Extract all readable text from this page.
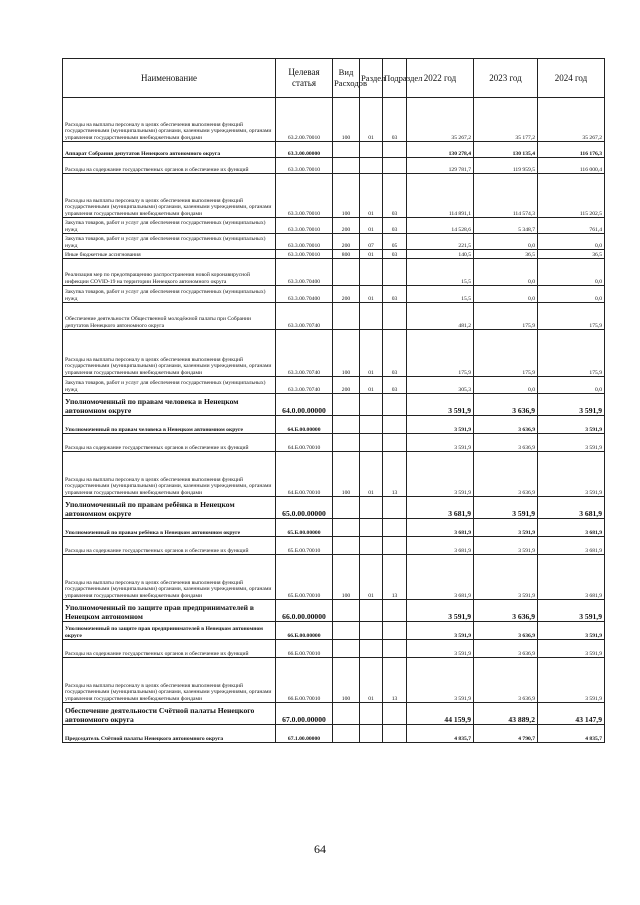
Наименование	Целевая статья	Вид Расходов	Раздел	Подраздел	2022 год	2023 год	2024 год
Расходы на выплаты персоналу в целях обеспечения выполнения функций государственными (муниципальными) органами, казенными учреждениями, органами управления государственными внебюджетными фондами	63.2.00.70010	100	01	03	35 267,2	35 177,2	35 267,2
Аппарат Собрания депутатов Ненецкого автономного округа	63.3.00.00000				130 278,4	130 135,4	116 176,3
Расходы на содержание государственных органов и обеспечение их функций	63.3.00.70010				129 781,7	119 959,5	116 000,4
Расходы на выплаты персоналу в целях обеспечения выполнения функций государственными (муниципальными) органами, казенными учреждениями, органами управления государственными внебюджетными фондами	63.3.00.70010	100	01	03	114 891,1	114 574,3	115 202,5
Закупка товаров, работ и услуг для обеспечения государственных (муниципальных) нужд	63.3.00.70010	200	01	03	14 528,6	5 348,7	761,4
Закупка товаров, работ и услуг для обеспечения государственных (муниципальных) нужд	63.3.00.70010	200	07	05	221,5	0,0	0,0
Иные бюджетные ассигнования	63.3.00.70010	800	01	03	140,5	36,5	36,5
Реализация мер по предотвращению распространения новой коронавирусной инфекции COVID-19 на территории Ненецкого автономного округа	63.3.00.70400				15,5	0,0	0,0
Закупка товаров, работ и услуг для обеспечения государственных (муниципальных) нужд	63.3.00.70400	200	01	03	15,5	0,0	0,0
Обеспечение деятельности Общественной молодёжной палаты при Собрании депутатов Ненецкого автономного округа	63.3.00.70740				481,2	175,9	175,9
Расходы на выплаты персоналу в целях обеспечения выполнения функций государственными (муниципальными) органами, казенными учреждениями, органами управления государственными внебюджетными фондами	63.3.00.70740	100	01	03	175,9	175,9	175,9
Закупка товаров, работ и услуг для обеспечения государственных (муниципальных) нужд	63.3.00.70740	200	01	03	305,3	0,0	0,0
Уполномоченный по правам человека в Ненецком автономном округе	64.0.00.00000				3 591,9	3 636,9	3 591,9
Уполномоченный по правам человека в Ненецком автономном округе	64.Б.00.00000				3 591,9	3 636,9	3 591,9
Расходы на содержание государственных органов и обеспечение их функций	64.Б.00.70010				3 591,9	3 636,9	3 591,9
Расходы на выплаты персоналу в целях обеспечения выполнения функций государственными (муниципальными) органами, казенными учреждениями, органами управления государственными внебюджетными фондами	64.Б.00.70010	100	01	13	3 591,9	3 636,9	3 591,9
Уполномоченный по правам ребёнка в Ненецком автономном округе	65.0.00.00000				3 681,9	3 591,9	3 681,9
Уполномоченный по правам ребёнка в Ненецком автономном округе	65.Б.00.00000				3 681,9	3 591,9	3 681,9
Расходы на содержание государственных органов и обеспечение их функций	65.Б.00.70010				3 681,9	3 591,9	3 681,9
Расходы на выплаты персоналу в целях обеспечения выполнения функций государственными (муниципальными) органами, казенными учреждениями, органами управления государственными внебюджетными фондами	65.Б.00.70010	100	01	13	3 681,9	3 591,9	3 681,9
Уполномоченный по защите прав предпринимателей в Ненецком автономном	66.0.00.00000				3 591,9	3 636,9	3 591,9
Уполномоченный по защите прав предпринимателей в Ненецком автономном округе	66.Б.00.00000				3 591,9	3 636,9	3 591,9
Расходы на содержание государственных органов и обеспечение их функций	66.Б.00.70010				3 591,9	3 636,9	3 591,9
Расходы на выплаты персоналу в целях обеспечения выполнения функций государственными (муниципальными) органами, казенными учреждениями, органами управления государственными внебюджетными фондами	66.Б.00.70010	100	01	13	3 591,9	3 636,9	3 591,9
Обеспечение деятельности Счётной палаты Ненецкого автономного округа	67.0.00.00000				44 159,9	43 889,2	43 147,9
Председатель Счётной палаты Ненецкого автономного округа	67.1.00.00000				4 835,7	4 790,7	4 835,7
64
